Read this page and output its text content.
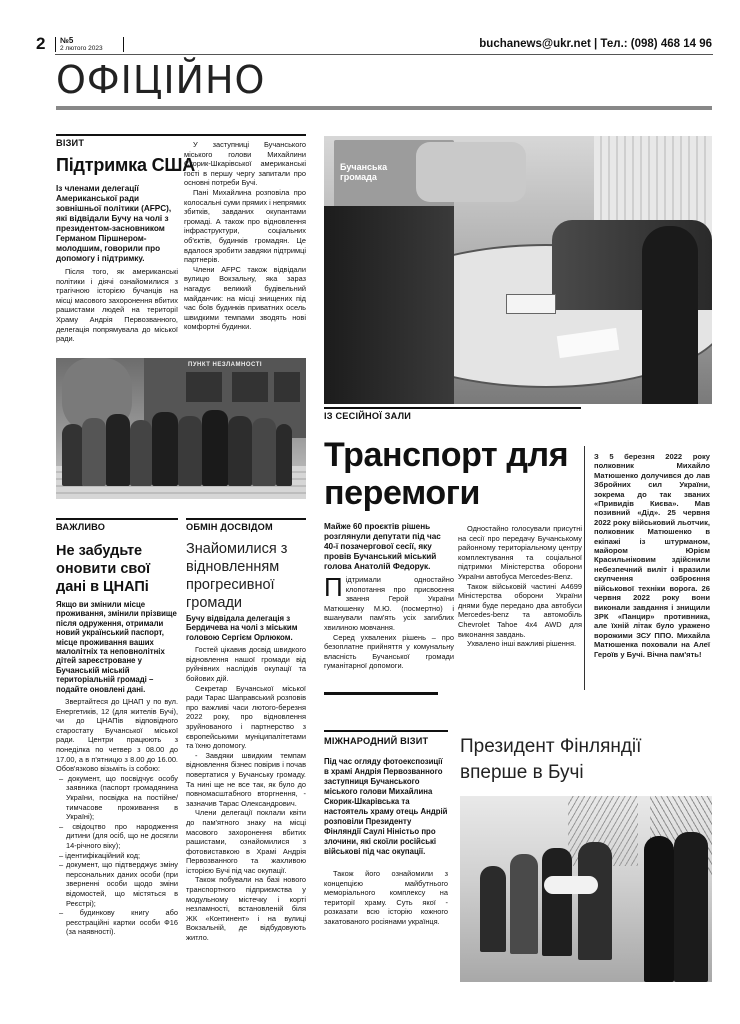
2 №5
2 лютого 2023	buchanews@ukr.net | Тел.: (098) 468 14 96
ОФІЦІЙНО
ВІЗИТ
Підтримка США

Із членами делегації Американської ради зовнішньої політики (AFPC), які відвідали Бучу на чолі з президентом-засновником Германом Піршнером-молодшим, говорили про допомогу і підтримку.

Після того, як американські політики і діячі ознайомилися з трагічною історією бучанців на місці масового захоронення вбитих рашистами людей на території Храму Андрія Первозванного, делегація попрямувала до міської ради.

У заступниці Бучанського міського голови Михайлини Скорик-Шкарівської американські гості в першу чергу запитали про основні потреби Бучі.

Пані Михайлина розповіла про колосальні суми прямих і непрямих збитків, завданих окупантами громаді. А також про відновлення інфраструктури, соціальних об'єктів, будинків громадян. Це вдалося зробити завдяки підтримці партнерів.

Члени AFPC також відвідали вулицю Вокзальну, яка зараз нагадує великий будівельний майданчик: на місці знищених під час боїв будинків приватних осель швидкими темпами зводять нові комфортні будинки.

ПУНКТ НЕЗЛАМНОСТІ
Бучанська громада
ІЗ СЕСІЙНОЇ ЗАЛИ
Транспорт для перемоги

Майже 60 проєктів рішень розглянули депутати під час 40-ї позачергової сесії, яку провів Бучанський міський голова Анатолій Федорук.

Підтримали одностайно клопотання про присвоєння звання Герой України Матюшенку М.Ю. (посмертно) і вшанували пам'ять усіх загиблих хвилиною мовчання.

Серед ухвалених рішень – про безоплатне прийняття у комунальну власність Бучанської громади гуманітарної допомоги.

Одностайно голосували присутні на сесії про передачу Бучанському районному територіальному центру комплектування та соціальної підтримки Міністерства оборони України автобуса Mercedes-Benz.

Також військовій частині А4699 Міністерства оборони України днями буде передано два автобуси Mercedes-benz та автомобіль Chevrolet Tahoe 4x4 AWD для виконання завдань.

Ухвалено інші важливі рішення.

З 5 березня 2022 року полковник Михайло Матюшенко долучився до лав Збройних сил України, зокрема до так званих «Привидів Києва». Мав позивний «Дід». 25 червня 2022 року військовий льотчик, полковник Матюшенко в екіпажі із штурманом, майором Юрієм Красильніковим здійснили небезпечний виліт і вразили скупчення озброєння військової техніки ворога. 26 червня 2022 року вони виконали завдання і знищили ЗРК «Панцир» противника, але їхній літак було уражено ворожими ЗСУ ППО. Михайла Матюшенка поховали на Алеї Героїв у Бучі. Вічна пам'ять!

ВАЖЛИВО
Не забудьте оновити свої дані в ЦНАПі

Якщо ви змінили місце проживання, змінили прізвище після одруження, отримали новий український паспорт, місце проживання ваших малолітніх та неповнолітніх дітей зареєстроване у Бучанській міській територіальній громаді – подайте оновлені дані.

Звертайтеся до ЦНАП у по вул. Енергетиків, 12 (для жителів Бучі), чи до ЦНАПів відповідного старостату Бучанської міської ради. Центри працюють з понеділка по четвер з 08.00 до 17.00, а в п'ятницю з 8.00 до 16.00. Обов'язково візьміть із собою:

– документ, що посвідчує особу заявника (паспорт громадянина України, посвідка на постійне/тимчасове проживання в Україні);

– свідоцтво про народження дитини (для осіб, що не досягли 14-річного віку);

– ідентифікаційний код;

– документ, що підтверджує зміну персональних даних особи (при зверненні особи щодо зміни відомостей, що містяться в Реєстрі);

– будинкову книгу або реєстраційні картки особи Ф16 (за наявності).

ОБМІН ДОСВІДОМ
Знайомилися з відновленням прогресивної громади

Бучу відвідала делегація з Бердичева на чолі з міським головою Сергієм Орлюком.

Гостей цікавив досвід швидкого відновлення нашої громади від руйнівних наслідків окупації та бойових дій.

Секретар Бучанської міської ради Тарас Шаправський розповів про важливі часи лютого-березня 2022 року, про відновлення зруйнованого і партнерство з європейськими муніципалітетами та їхню допомогу.

- Завдяки швидким темпам відновлення бізнес повірив і почав повертатися у Бучанську громаду. Та нині ще не все так, як було до повномасштабного вторгнення, - зазначив Тарас Олександрович.

Члени делегації поклали квіти до пам'ятного знаку на місці масового захоронення вбитих рашистами, ознайомилися з фотовиставкою в Храмі Андрія Первозванного та жахливою історією Бучі під час окупації.

Також побували на базі нового транспортного підприємства у модульному містечку і корті незламності, встановленій біля ЖК «Континент» і на вулиці Вокзальній, де відбудовують житло.

МІЖНАРОДНИЙ ВІЗИТ

Під час огляду фотоекспозиції в храмі Андрія Первозванного заступниця Бучанського міського голови Михайлина Скорик-Шкарівська та настоятель храму отець Андрій розповіли Президенту Фінляндії Саулі Ніністьо про злочини, які скоїли російські військові під час окупації.

Також його ознайомили з концепцією майбутнього меморіального комплексу на території храму. Суть якої - розказати всю історію кожного закатованого росіянами українця.

Президент Фінляндії вперше в Бучі
